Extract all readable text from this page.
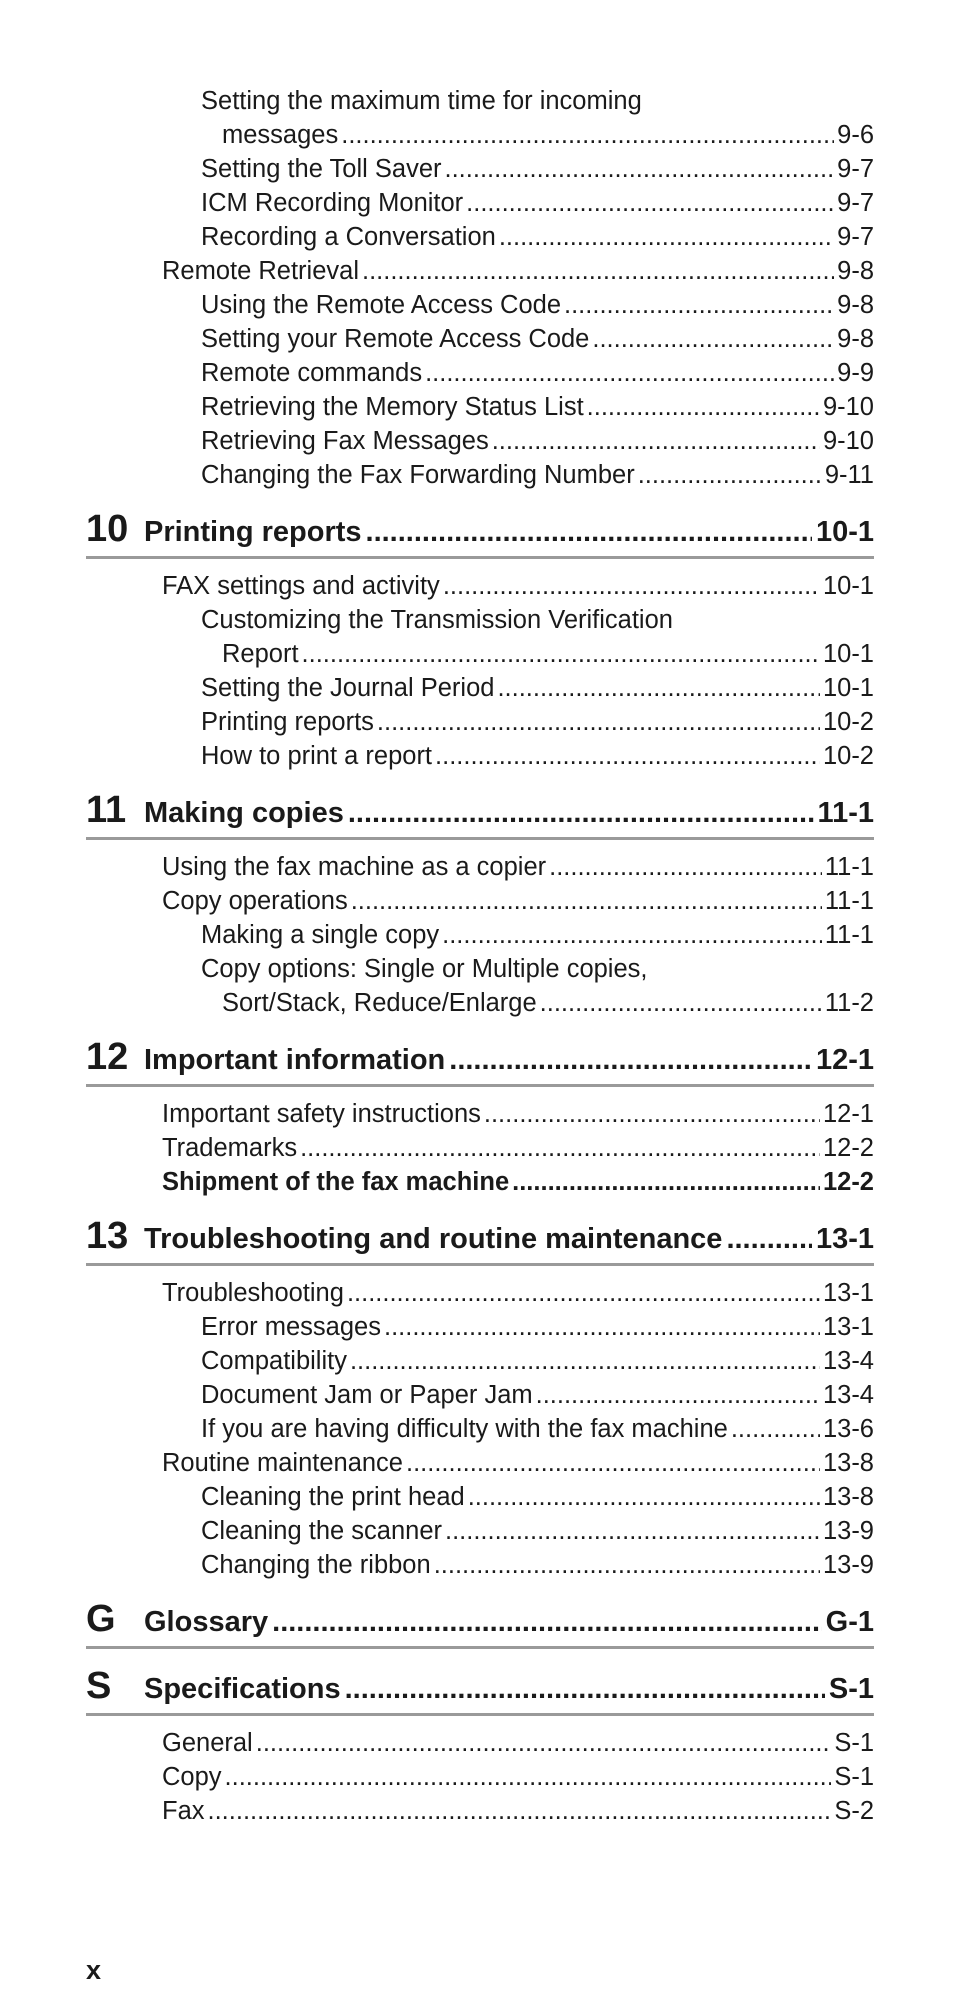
Setting the maximum time for incoming
messages .....	9-6
Setting the Toll Saver .....	9-7
ICM Recording Monitor .....	9-7
Recording a Conversation .....	9-7
Remote Retrieval .....	9-8
Using the Remote Access Code .....	9-8
Setting your Remote Access Code .....	9-8
Remote commands .....	9-9
Retrieving the Memory Status List .....	9-10
Retrieving Fax Messages .....	9-10
Changing the Fax Forwarding Number .....	9-11
10 Printing reports .....	10-1
FAX settings and activity .....	10-1
Customizing the Transmission Verification
Report .....	10-1
Setting the Journal Period .....	10-1
Printing reports .....	10-2
How to print a report .....	10-2
11 Making copies .....	11-1
Using the fax machine as a copier .....	11-1
Copy operations .....	11-1
Making a single copy .....	11-1
Copy options: Single or Multiple copies,
Sort/Stack, Reduce/Enlarge .....	11-2
12 Important information .....	12-1
Important safety instructions .....	12-1
Trademarks .....	12-2
Shipment of the fax machine .....	12-2
13 Troubleshooting and routine maintenance .....	13-1
Troubleshooting .....	13-1
Error messages .....	13-1
Compatibility .....	13-4
Document Jam or Paper Jam .....	13-4
If you are having difficulty with the fax machine .....	13-6
Routine maintenance .....	13-8
Cleaning the print head .....	13-8
Cleaning the scanner .....	13-9
Changing the ribbon .....	13-9
G Glossary .....	G-1
S	Specifications .....	S-1
General .....	S-1
Copy .....	S-1
Fax .....	S-2
x
